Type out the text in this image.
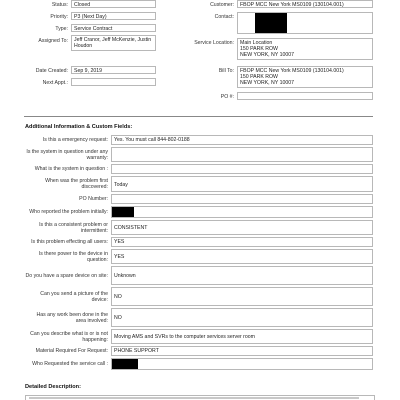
Status:	Closed
Priority:	P3 (Next Day)
Type:	Service Contract
Assigned To:	Jeff Cranor, Jeff McKenzie, Justin Houdon
Date Created:	Sep 9, 2019
Next Appt.:
Customer:	FBOP MCC New York MS0109 (130104.001)
Contact:
Service Location: Main Location
150 PARK ROW
NEW YORK, NY 10007
Bill To: FBOP MCC New York MS0109 (130104.001)
150 PARK ROW
NEW YORK, NY 10007
PO #:
Additional Information & Custom Fields:
Is this a emergency request:	Yes. You must call 844-802-0188
Is the system in question under any warranty:
What is the system in question :
When was the problem first discovered:	Today
PO Number:
Who reported the problem initially:
Is this a consistent problem or intermittent:	CONSISTENT
Is this problem effecting all users:	YES
Is there power to the device in question:	YES
Do you have a spare device on site:	Unknown
Can you send a picture of the device:	NO
Has any work been done in the area involved:	NO
Can you describe what is or is not happening:	Moving AMS and SVRs to the computer services server room
Material Required For Request:	PHONE SUPPORT
Who Requested the service call :
Detailed Description:
